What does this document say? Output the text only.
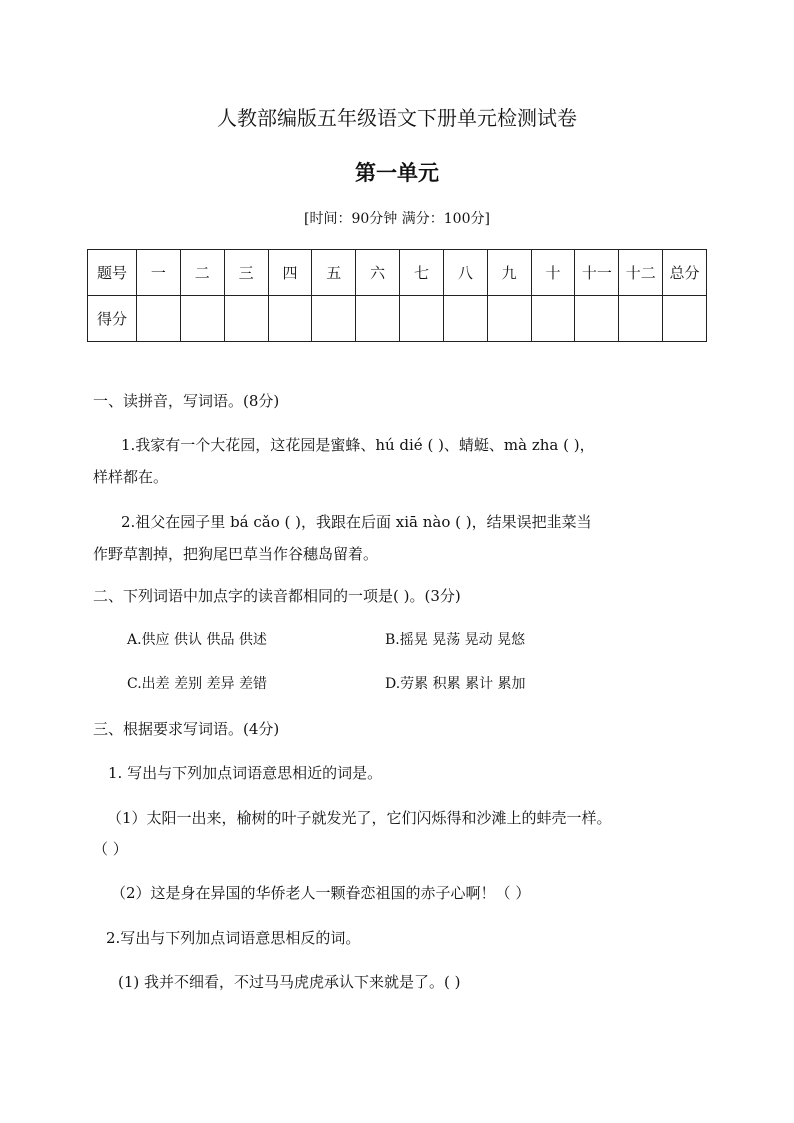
人教部编版五年级语文下册单元检测试卷
第一单元
[时间：90分钟 满分：100分]
题号	一	二	三	四	五	六	七	八	九	十	十一	十二	总分
得分													
一、读拼音，写词语。(8分)
1.我家有一个大花园，这花园是蜜蜂、hú dié ( )、蜻蜓、mà zha ( )，
样样都在。
2.祖父在园子里 bá cǎo ( )，我跟在后面 xiā nào ( )，结果误把韭菜当
作野草割掉，把狗尾巴草当作谷穗岛留着。
二、下列词语中加点字的读音都相同的一项是( )。(3分)
A.供应 供认 供品 供述	B.摇晃 晃荡 晃动 晃悠
C.出差 差别 差异 差错	D.劳累 积累 累计 累加
三、根据要求写词语。(4分)
1. 写出与下列加点词语意思相近的词是。
（1）太阳一出来，榆树的叶子就发光了，它们闪烁得和沙滩上的蚌壳一样。
（ ）
（2）这是身在异国的华侨老人一颗眷恋祖国的赤子心啊！（ ）
2.写出与下列加点词语意思相反的词。
(1) 我并不细看，不过马马虎虎承认下来就是了。( )
